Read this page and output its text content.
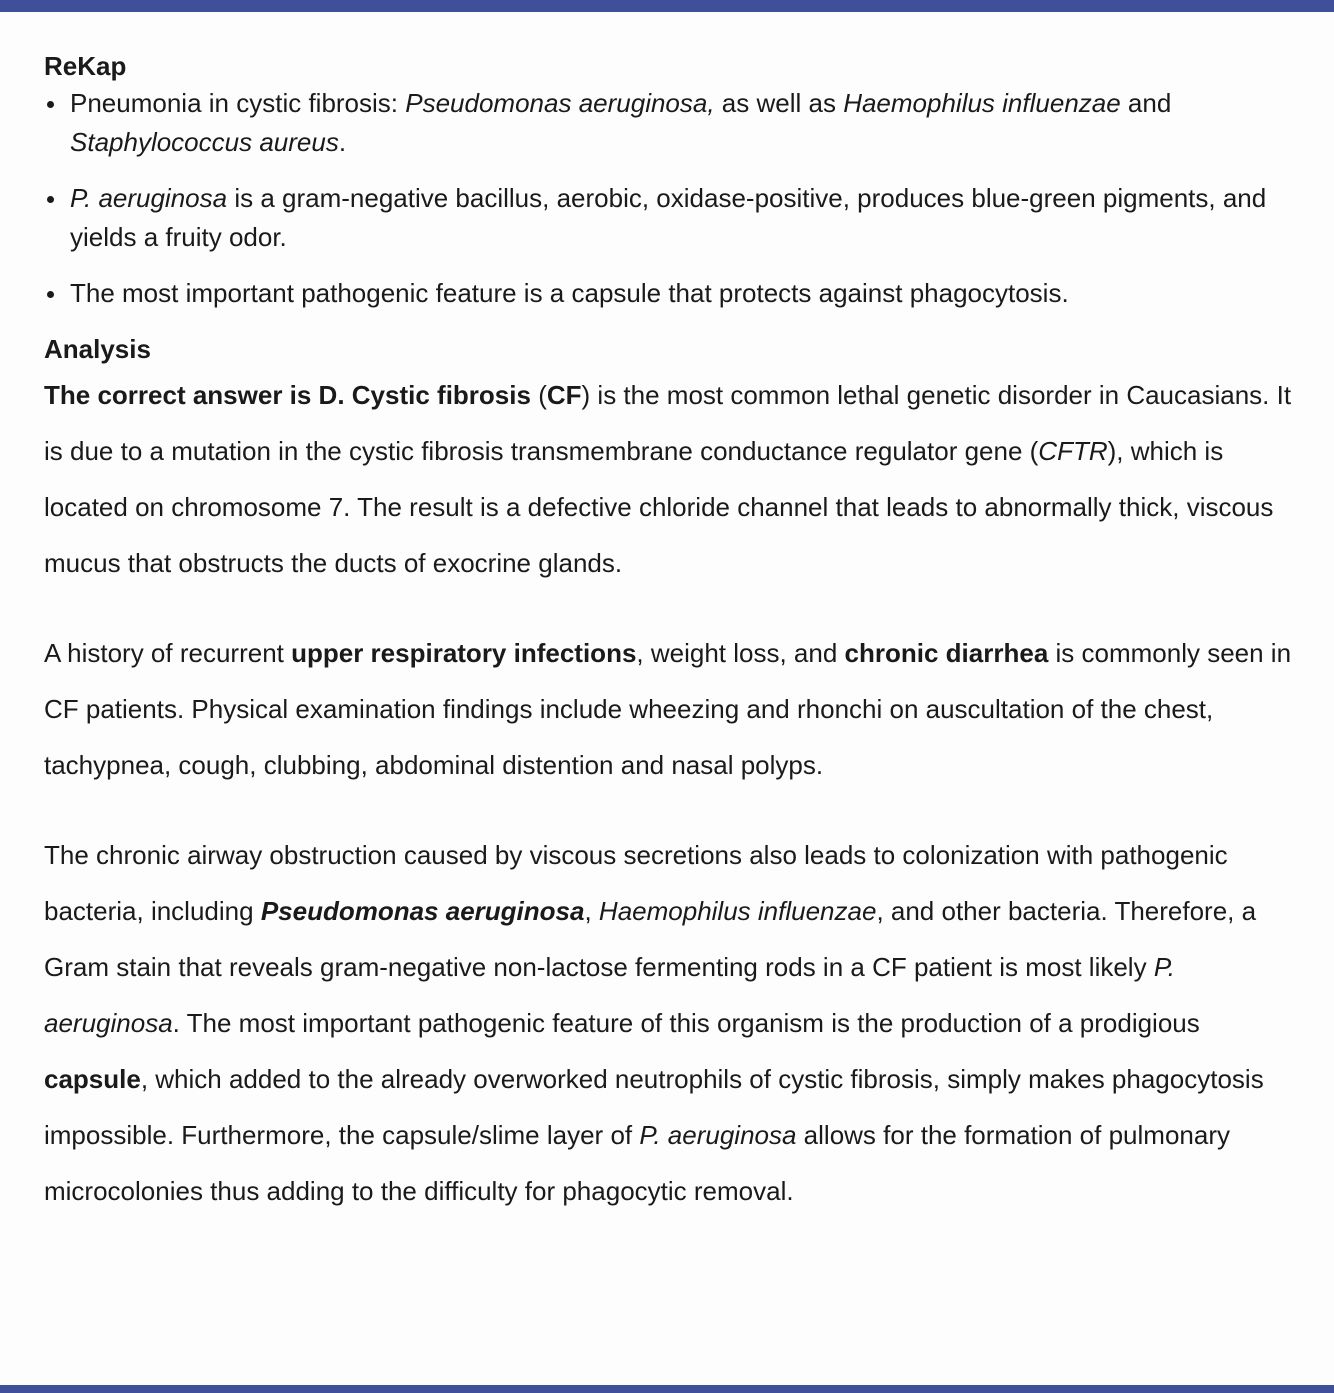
ReKap
Pneumonia in cystic fibrosis: Pseudomonas aeruginosa, as well as Haemophilus influenzae and Staphylococcus aureus.
P. aeruginosa is a gram-negative bacillus, aerobic, oxidase-positive, produces blue-green pigments, and yields a fruity odor.
The most important pathogenic feature is a capsule that protects against phagocytosis.
Analysis

The correct answer is D. Cystic fibrosis (CF) is the most common lethal genetic disorder in Caucasians. It is due to a mutation in the cystic fibrosis transmembrane conductance regulator gene (CFTR), which is located on chromosome 7. The result is a defective chloride channel that leads to abnormally thick, viscous mucus that obstructs the ducts of exocrine glands.

A history of recurrent upper respiratory infections, weight loss, and chronic diarrhea is commonly seen in CF patients. Physical examination findings include wheezing and rhonchi on auscultation of the chest, tachypnea, cough, clubbing, abdominal distention and nasal polyps.

The chronic airway obstruction caused by viscous secretions also leads to colonization with pathogenic bacteria, including Pseudomonas aeruginosa, Haemophilus influenzae, and other bacteria. Therefore, a Gram stain that reveals gram-negative non-lactose fermenting rods in a CF patient is most likely P. aeruginosa. The most important pathogenic feature of this organism is the production of a prodigious capsule, which added to the already overworked neutrophils of cystic fibrosis, simply makes phagocytosis impossible. Furthermore, the capsule/slime layer of P. aeruginosa allows for the formation of pulmonary microcolonies thus adding to the difficulty for phagocytic removal.
